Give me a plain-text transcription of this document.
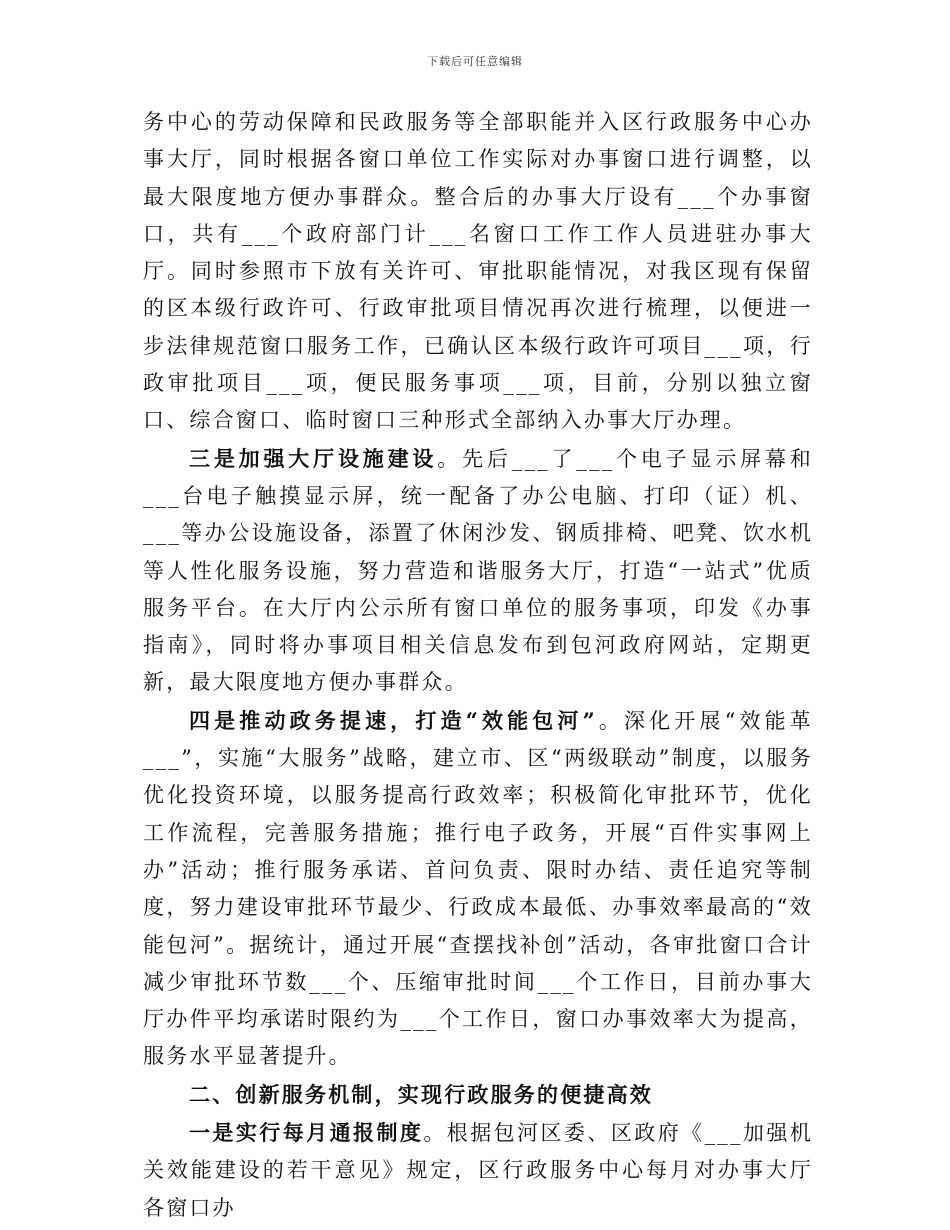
下载后可任意编辑

务中心的劳动保障和民政服务等全部职能并入区行政服务中心办事大厅，同时根据各窗口单位工作实际对办事窗口进行调整，以最大限度地方便办事群众。整合后的办事大厅设有___个办事窗口，共有___个政府部门计___名窗口工作工作人员进驻办事大厅。同时参照市下放有关许可、审批职能情况，对我区现有保留的区本级行政许可、行政审批项目情况再次进行梳理，以便进一步法律规范窗口服务工作，已确认区本级行政许可项目___项，行政审批项目___项，便民服务事项___项，目前，分别以独立窗口、综合窗口、临时窗口三种形式全部纳入办事大厅办理。

三是加强大厅设施建设。先后___了___个电子显示屏幕和___台电子触摸显示屏，统一配备了办公电脑、打印（证）机、___等办公设施设备，添置了休闲沙发、钢质排椅、吧凳、饮水机等人性化服务设施，努力营造和谐服务大厅，打造“一站式”优质服务平台。在大厅内公示所有窗口单位的服务事项，印发《办事指南》，同时将办事项目相关信息发布到包河政府网站，定期更新，最大限度地方便办事群众。

四是推动政务提速，打造“效能包河”。深化开展“效能革___”，实施“大服务”战略，建立市、区“两级联动”制度，以服务优化投资环境，以服务提高行政效率；积极简化审批环节，优化工作流程，完善服务措施；推行电子政务，开展“百件实事网上办”活动；推行服务承诺、首问负责、限时办结、责任追究等制度，努力建设审批环节最少、行政成本最低、办事效率最高的“效能包河”。据统计，通过开展“查摆找补创”活动，各审批窗口合计减少审批环节数___个、压缩审批时间___个工作日，目前办事大厅办件平均承诺时限约为___个工作日，窗口办事效率大为提高，服务水平显著提升。

二、创新服务机制，实现行政服务的便捷高效

一是实行每月通报制度。根据包河区委、区政府《___加强机关效能建设的若干意见》规定，区行政服务中心每月对办事大厅各窗口办
